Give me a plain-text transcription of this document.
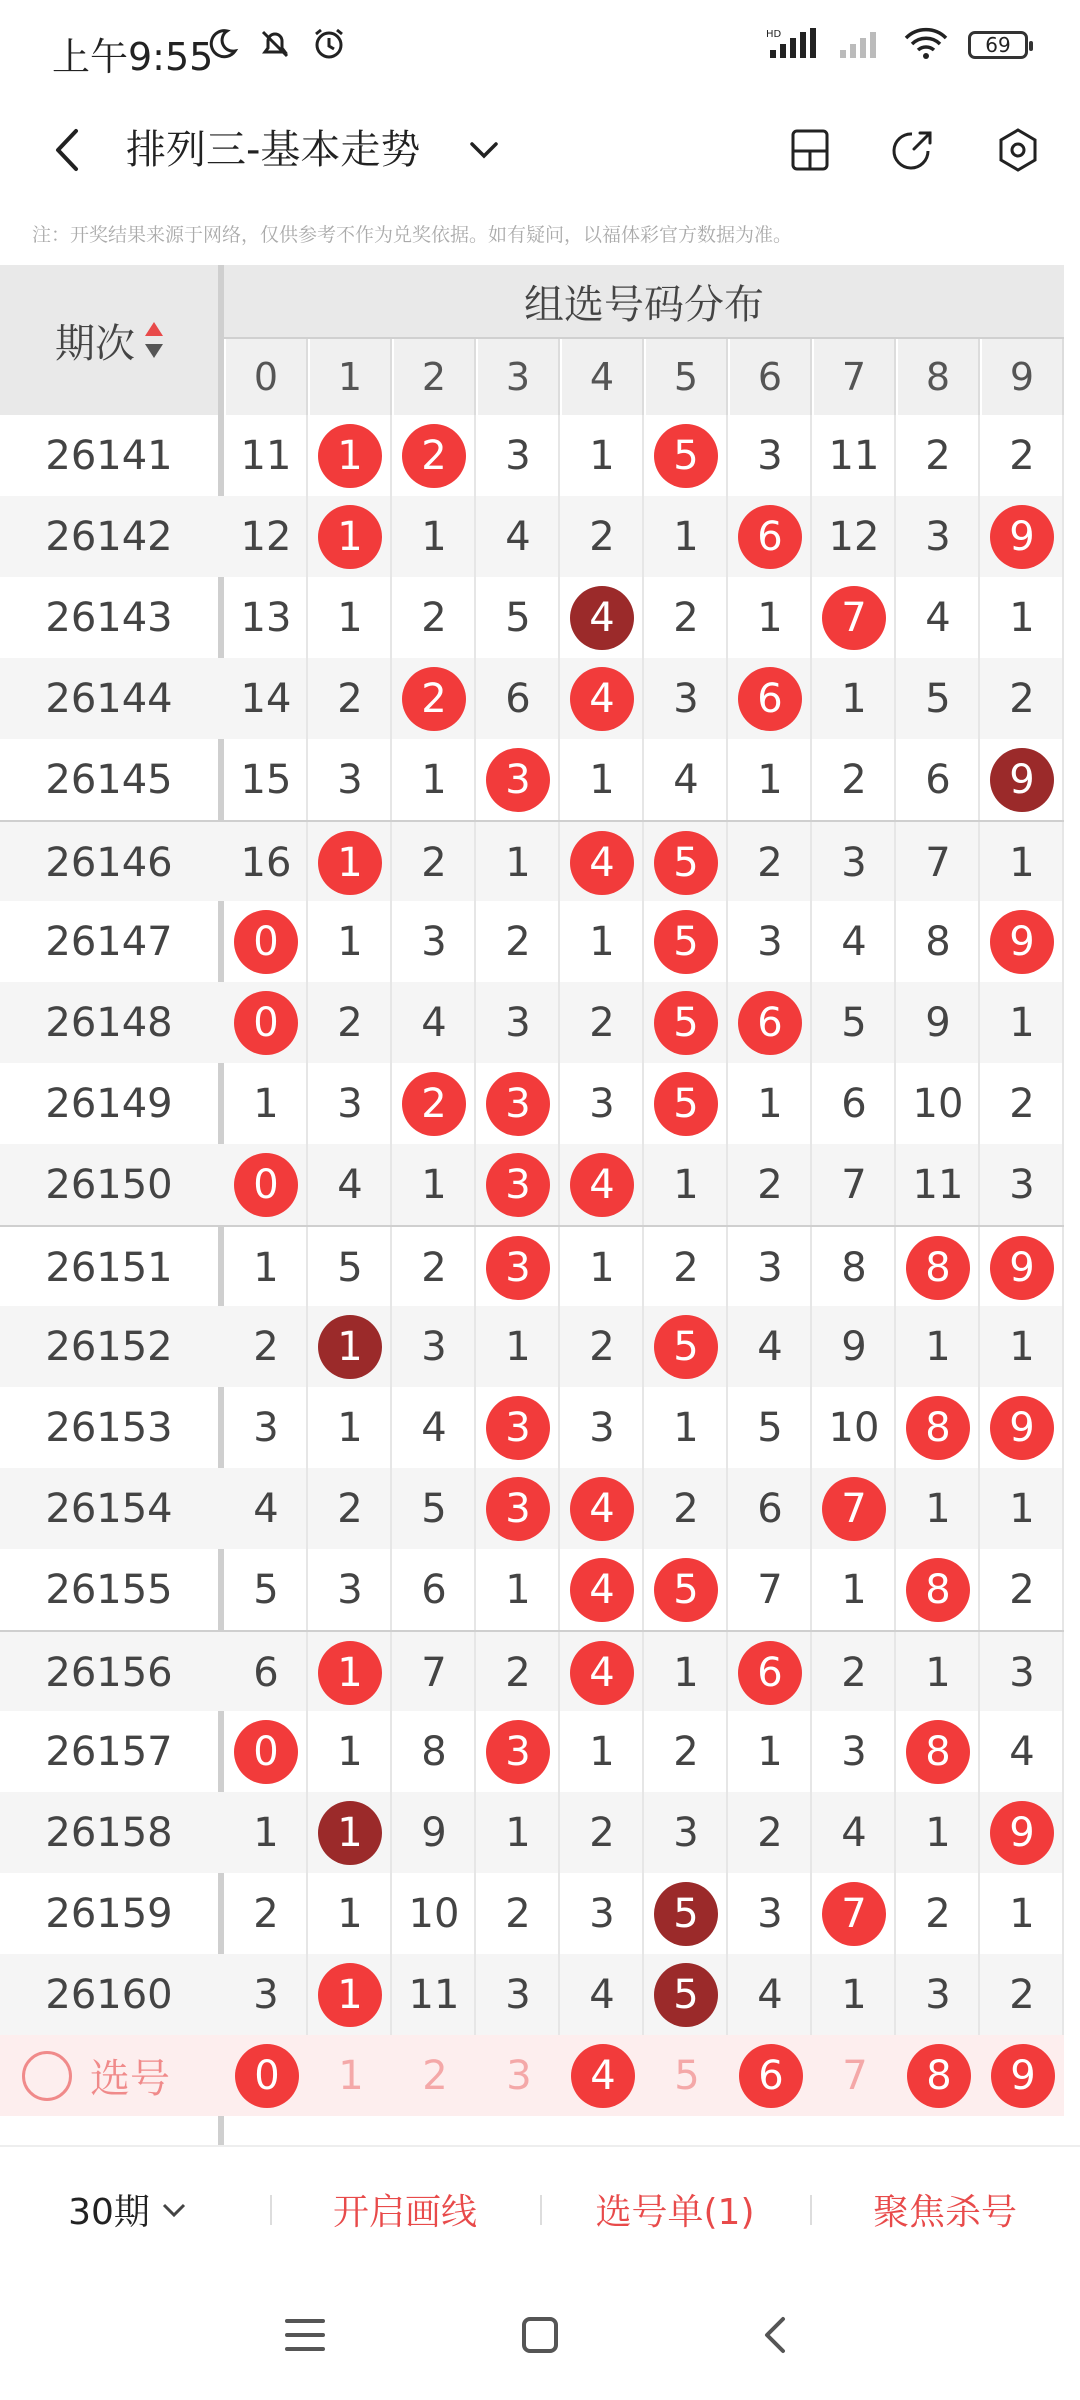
上午9:55
HD	69
排列三-基本走势
注：开奖结果来源于网络，仅供参考不作为兑奖依据。如有疑问，以福体彩官方数据为准。
期次
组选号码分布
0	1	2	3	4	5	6	7	8	9
26141	11	1	2	3	1	5	3	11	2	2
26142	12	1	1	4	2	1	6	12	3	9
26143	13	1	2	5	4	2	1	7	4	1
26144	14	2	2	6	4	3	6	1	5	2
26145	15	3	1	3	1	4	1	2	6	9
26146	16	1	2	1	4	5	2	3	7	1
26147	0	1	3	2	1	5	3	4	8	9
26148	0	2	4	3	2	5	6	5	9	1
26149	1	3	2	3	3	5	1	6	10	2
26150	0	4	1	3	4	1	2	7	11	3
26151	1	5	2	3	1	2	3	8	8	9
26152	2	1	3	1	2	5	4	9	1	1
26153	3	1	4	3	3	1	5	10	8	9
26154	4	2	5	3	4	2	6	7	1	1
26155	5	3	6	1	4	5	7	1	8	2
26156	6	1	7	2	4	1	6	2	1	3
26157	0	1	8	3	1	2	1	3	8	4
26158	1	1	9	1	2	3	2	4	1	9
26159	2	1	10	2	3	5	3	7	2	1
26160	3	1	11	3	4	5	4	1	3	2
选号	0	1	2	3	4	5	6	7	8	9
30期	开启画线	选号单(1)	聚焦杀号
